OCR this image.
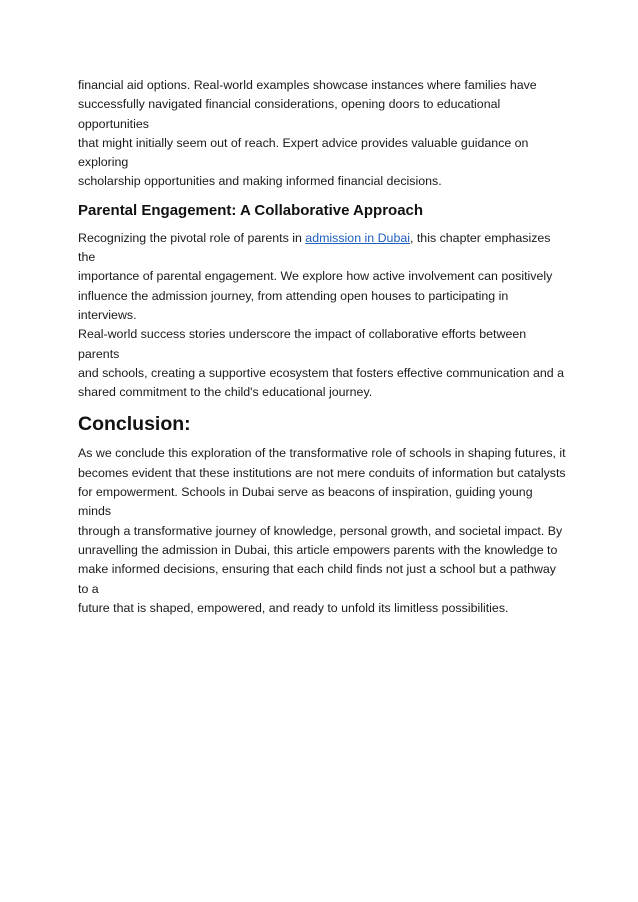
financial aid options. Real-world examples showcase instances where families have
successfully navigated financial considerations, opening doors to educational opportunities
that might initially seem out of reach. Expert advice provides valuable guidance on exploring
scholarship opportunities and making informed financial decisions.

Parental Engagement: A Collaborative Approach

Recognizing the pivotal role of parents in admission in Dubai, this chapter emphasizes the
importance of parental engagement. We explore how active involvement can positively
influence the admission journey, from attending open houses to participating in interviews.
Real-world success stories underscore the impact of collaborative efforts between parents
and schools, creating a supportive ecosystem that fosters effective communication and a
shared commitment to the child's educational journey.

Conclusion:

As we conclude this exploration of the transformative role of schools in shaping futures, it
becomes evident that these institutions are not mere conduits of information but catalysts
for empowerment. Schools in Dubai serve as beacons of inspiration, guiding young minds
through a transformative journey of knowledge, personal growth, and societal impact. By
unravelling the admission in Dubai, this article empowers parents with the knowledge to
make informed decisions, ensuring that each child finds not just a school but a pathway to a
future that is shaped, empowered, and ready to unfold its limitless possibilities.
